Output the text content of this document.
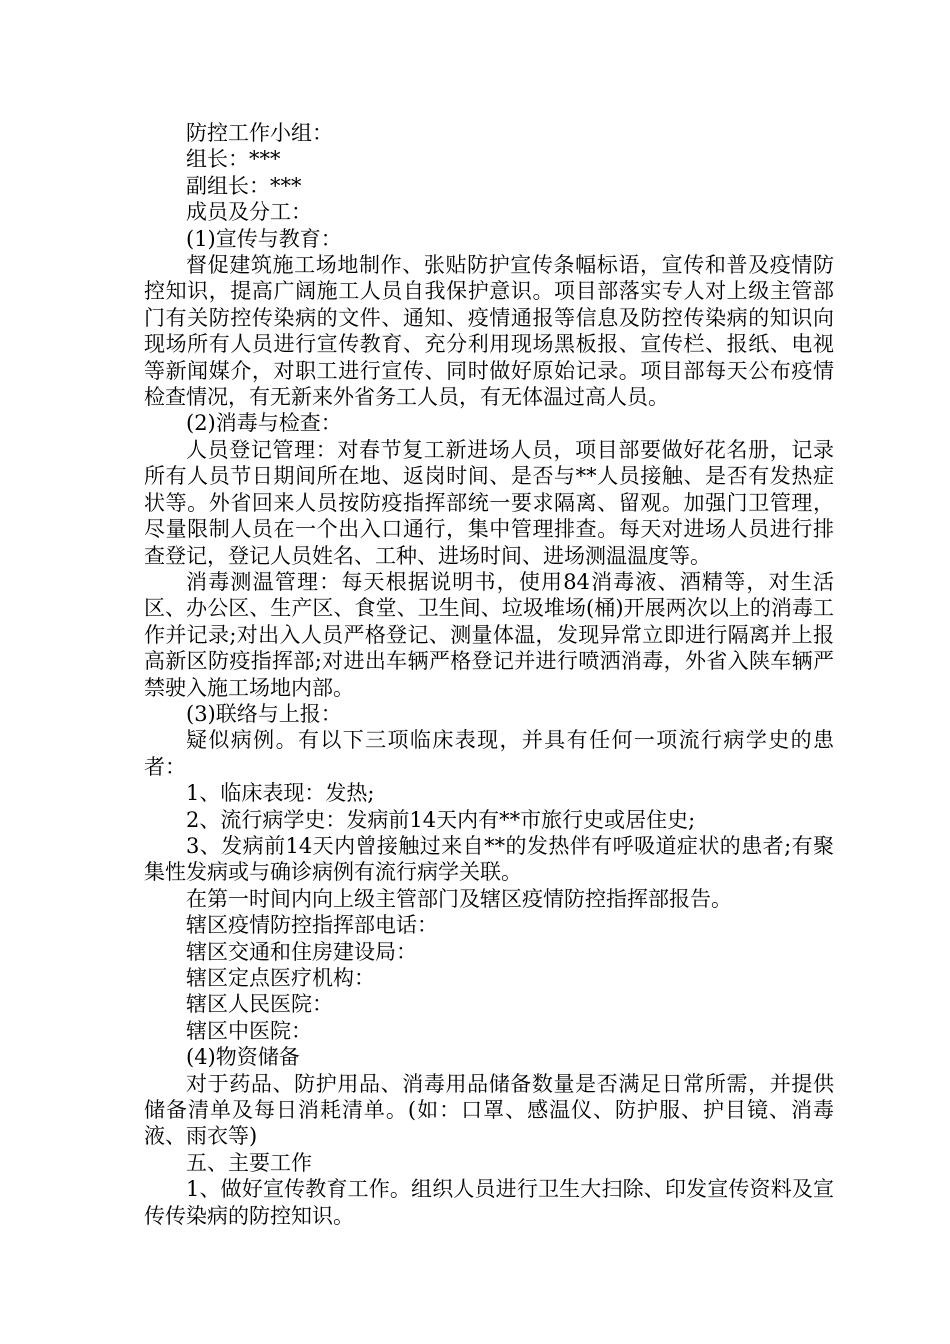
防控工作小组：

组长：***

副组长：***

成员及分工：

(1)宣传与教育：

督促建筑施工场地制作、张贴防护宣传条幅标语，宣传和普及疫情防控知识，提高广阔施工人员自我保护意识。项目部落实专人对上级主管部门有关防控传染病的文件、通知、疫情通报等信息及防控传染病的知识向现场所有人员进行宣传教育、充分利用现场黑板报、宣传栏、报纸、电视等新闻媒介，对职工进行宣传、同时做好原始记录。项目部每天公布疫情检查情况，有无新来外省务工人员，有无体温过高人员。

(2)消毒与检查：

人员登记管理：对春节复工新进场人员，项目部要做好花名册，记录所有人员节日期间所在地、返岗时间、是否与**人员接触、是否有发热症状等。外省回来人员按防疫指挥部统一要求隔离、留观。加强门卫管理，尽量限制人员在一个出入口通行，集中管理排查。每天对进场人员进行排查登记，登记人员姓名、工种、进场时间、进场测温温度等。

消毒测温管理：每天根据说明书，使用84消毒液、酒精等，对生活区、办公区、生产区、食堂、卫生间、垃圾堆场(桶)开展两次以上的消毒工作并记录;对出入人员严格登记、测量体温，发现异常立即进行隔离并上报高新区防疫指挥部;对进出车辆严格登记并进行喷洒消毒，外省入陕车辆严禁驶入施工场地内部。

(3)联络与上报：

疑似病例。有以下三项临床表现，并具有任何一项流行病学史的患者：

1、临床表现：发热;

2、流行病学史：发病前14天内有**市旅行史或居住史;

3、发病前14天内曾接触过来自**的发热伴有呼吸道症状的患者;有聚集性发病或与确诊病例有流行病学关联。

在第一时间内向上级主管部门及辖区疫情防控指挥部报告。

辖区疫情防控指挥部电话：

辖区交通和住房建设局：

辖区定点医疗机构：

辖区人民医院：

辖区中医院：

(4)物资储备

对于药品、防护用品、消毒用品储备数量是否满足日常所需，并提供储备清单及每日消耗清单。(如：口罩、感温仪、防护服、护目镜、消毒液、雨衣等)

五、主要工作

1、做好宣传教育工作。组织人员进行卫生大扫除、印发宣传资料及宣传传染病的防控知识。
